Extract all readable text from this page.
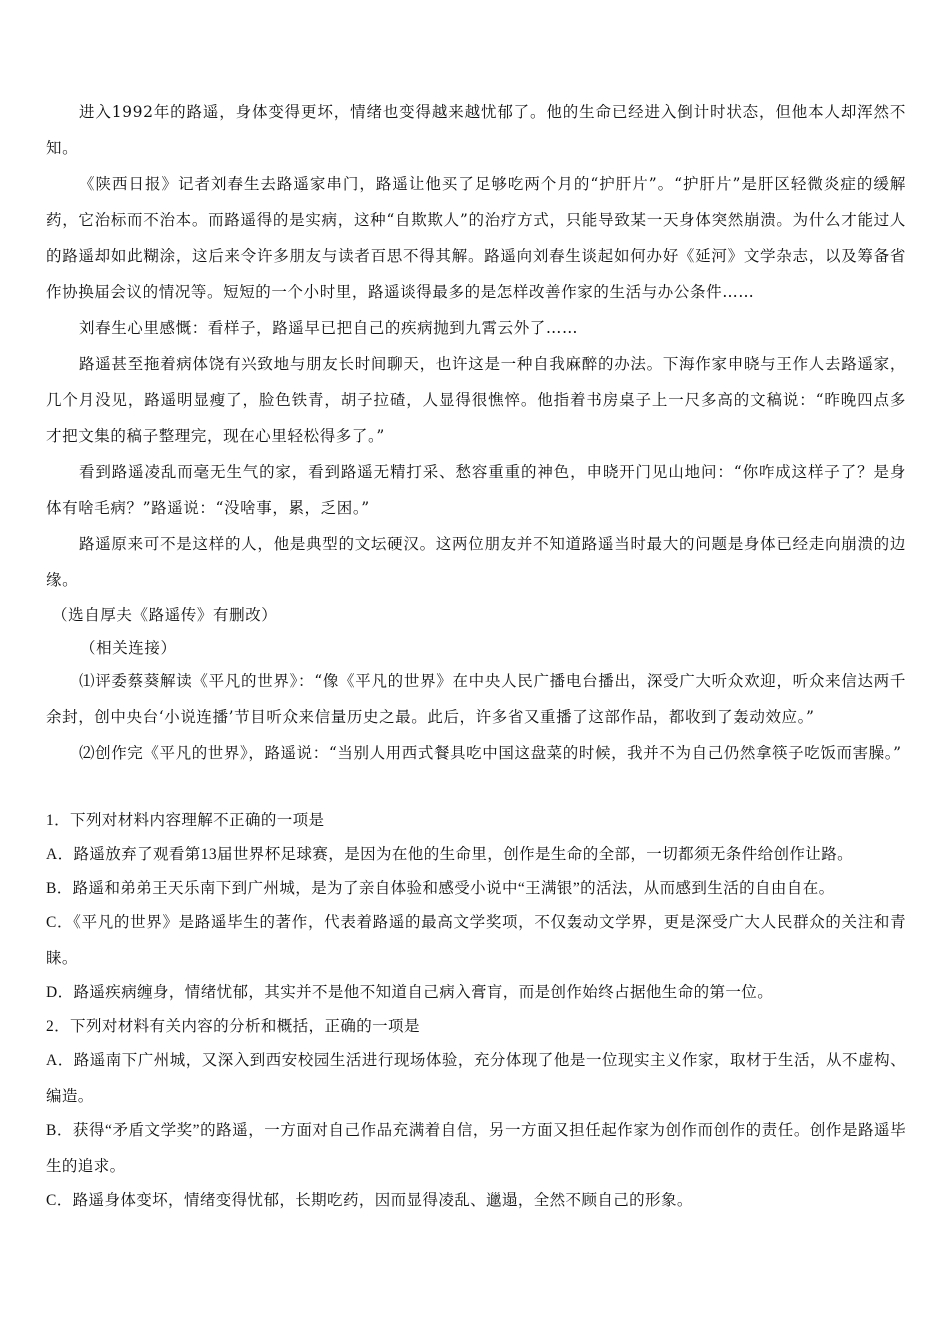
进入1992年的路遥，身体变得更坏，情绪也变得越来越忧郁了。他的生命已经进入倒计时状态，但他本人却浑然不知。

《陕西日报》记者刘春生去路遥家串门，路遥让他买了足够吃两个月的“护肝片”。“护肝片”是肝区轻微炎症的缓解药，它治标而不治本。而路遥得的是实病，这种“自欺欺人”的治疗方式，只能导致某一天身体突然崩溃。为什么才能过人的路遥却如此糊涂，这后来令许多朋友与读者百思不得其解。路遥向刘春生谈起如何办好《延河》文学杂志，以及筹备省作协换届会议的情况等。短短的一个小时里，路遥谈得最多的是怎样改善作家的生活与办公条件……

刘春生心里感慨：看样子，路遥早已把自己的疾病抛到九霄云外了……

路遥甚至拖着病体饶有兴致地与朋友长时间聊天，也许这是一种自我麻醉的办法。下海作家申晓与王作人去路遥家，几个月没见，路遥明显瘦了，脸色铁青，胡子拉碴，人显得很憔悴。他指着书房桌子上一尺多高的文稿说：“昨晚四点多才把文集的稿子整理完，现在心里轻松得多了。”

看到路遥凌乱而毫无生气的家，看到路遥无精打采、愁容重重的神色，申晓开门见山地问：“你咋成这样子了？是身体有啥毛病？”路遥说：“没啥事，累，乏困。”

路遥原来可不是这样的人，他是典型的文坛硬汉。这两位朋友并不知道路遥当时最大的问题是身体已经走向崩溃的边缘。

（选自厚夫《路遥传》有删改）

（相关连接）

⑴评委蔡葵解读《平凡的世界》：“像《平凡的世界》在中央人民广播电台播出，深受广大听众欢迎，听众来信达两千余封，创中央台‘小说连播’节目听众来信量历史之最。此后，许多省又重播了这部作品，都收到了轰动效应。”

⑵创作完《平凡的世界》，路遥说：“当别人用西式餐具吃中国这盘菜的时候，我并不为自己仍然拿筷子吃饭而害臊。”

1．下列对材料内容理解不正确的一项是

A．路遥放弃了观看第13届世界杯足球赛，是因为在他的生命里，创作是生命的全部，一切都须无条件给创作让路。

B．路遥和弟弟王天乐南下到广州城，是为了亲自体验和感受小说中“王满银”的活法，从而感到生活的自由自在。

C．《平凡的世界》是路遥毕生的著作，代表着路遥的最高文学奖项，不仅轰动文学界，更是深受广大人民群众的关注和青睐。

D．路遥疾病缠身，情绪忧郁，其实并不是他不知道自己病入膏肓，而是创作始终占据他生命的第一位。

2．下列对材料有关内容的分析和概括，正确的一项是

A．路遥南下广州城，又深入到西安校园生活进行现场体验，充分体现了他是一位现实主义作家，取材于生活，从不虚构、编造。

B．获得“矛盾文学奖”的路遥，一方面对自己作品充满着自信，另一方面又担任起作家为创作而创作的责任。创作是路遥毕生的追求。

C．路遥身体变坏，情绪变得忧郁，长期吃药，因而显得凌乱、邋遢，全然不顾自己的形象。
